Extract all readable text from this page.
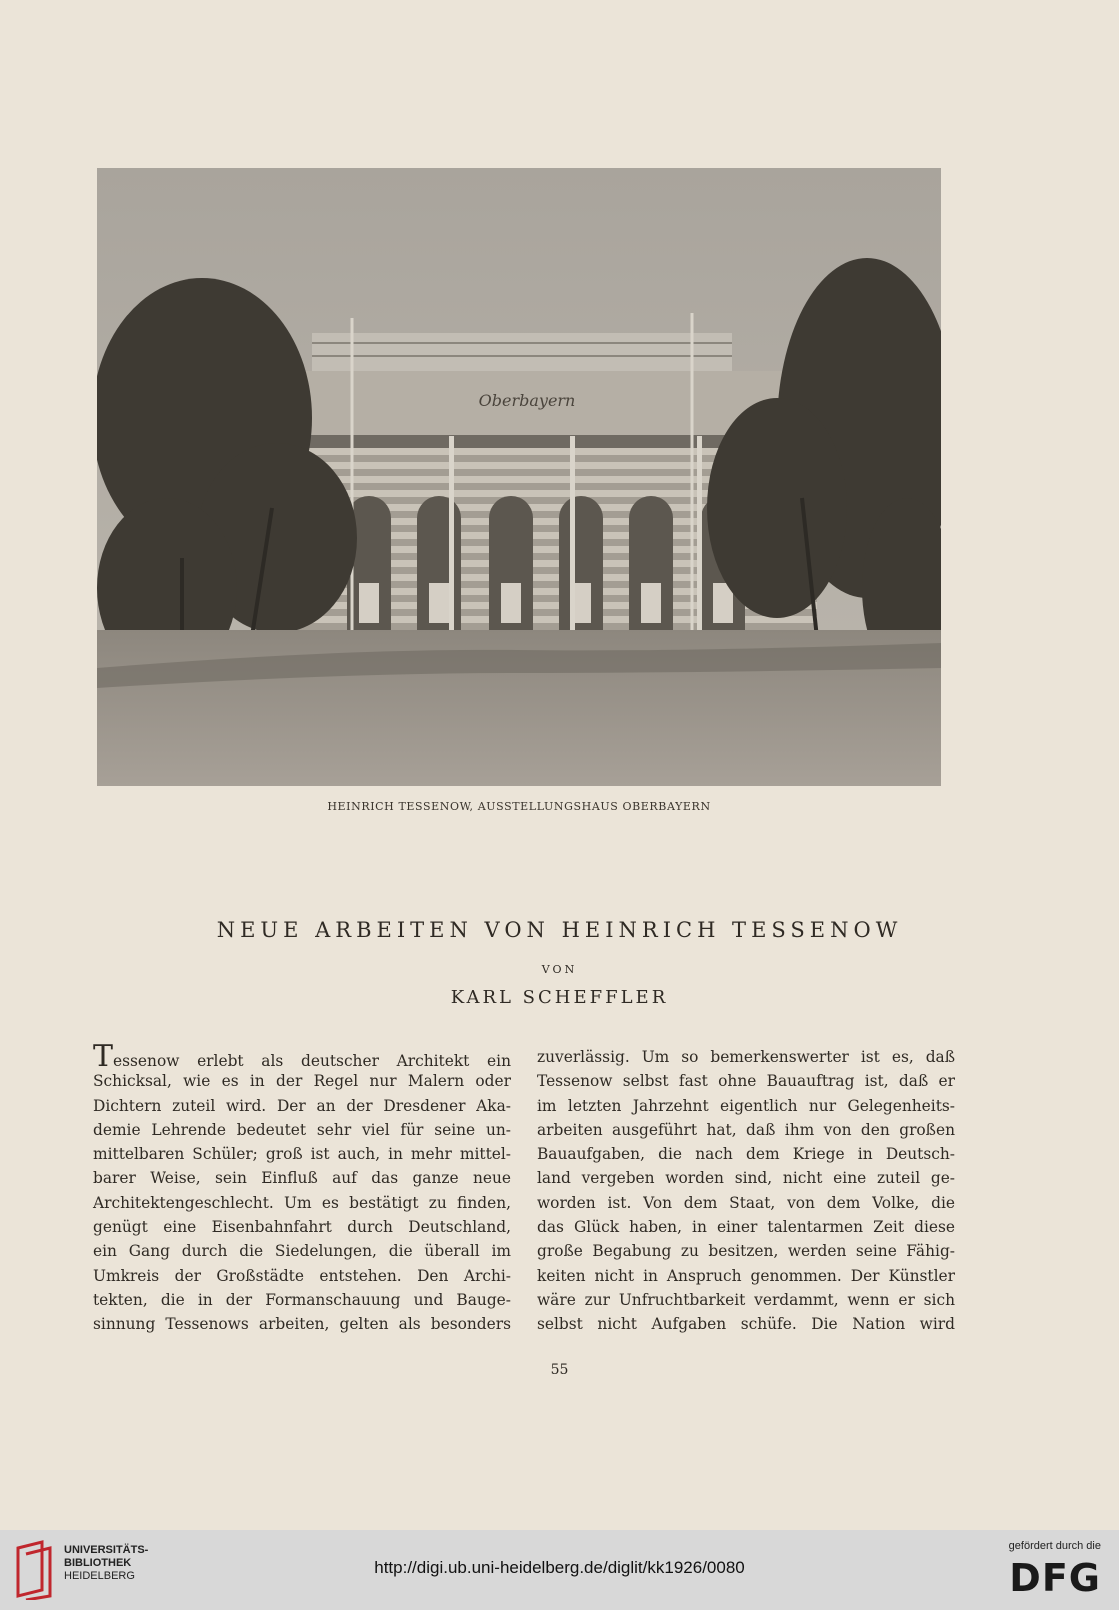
Oberbayern
HEINRICH TESSENOW, AUSSTELLUNGSHAUS OBERBAYERN
NEUE ARBEITEN VON HEINRICH TESSENOW
VON
KARL SCHEFFLER
Tessenow erlebt als deutscher Architekt ein
Schicksal, wie es in der Regel nur Malern oder
Dichtern zuteil wird. Der an der Dresdener Aka-
demie Lehrende bedeutet sehr viel für seine un-
mittelbaren Schüler; groß ist auch, in mehr mittel-
barer Weise, sein Einfluß auf das ganze neue
Architektengeschlecht. Um es bestätigt zu finden,
genügt eine Eisenbahnfahrt durch Deutschland,
ein Gang durch die Siedelungen, die überall im
Umkreis der Großstädte entstehen. Den Archi-
tekten, die in der Formanschauung und Bauge-
sinnung Tessenows arbeiten, gelten als besonders
zuverlässig. Um so bemerkenswerter ist es, daß
Tessenow selbst fast ohne Bauauftrag ist, daß er
im letzten Jahrzehnt eigentlich nur Gelegenheits-
arbeiten ausgeführt hat, daß ihm von den großen
Bauaufgaben, die nach dem Kriege in Deutsch-
land vergeben worden sind, nicht eine zuteil ge-
worden ist. Von dem Staat, von dem Volke, die
das Glück haben, in einer talentarmen Zeit diese
große Begabung zu besitzen, werden seine Fähig-
keiten nicht in Anspruch genommen. Der Künstler
wäre zur Unfruchtbarkeit verdammt, wenn er sich
selbst nicht Aufgaben schüfe. Die Nation wird
55
UNIVERSITÄTS-
BIBLIOTHEK
HEIDELBERG	http://digi.ub.uni-heidelberg.de/diglit/kk1926/0080
gefördert durch die
DFG
